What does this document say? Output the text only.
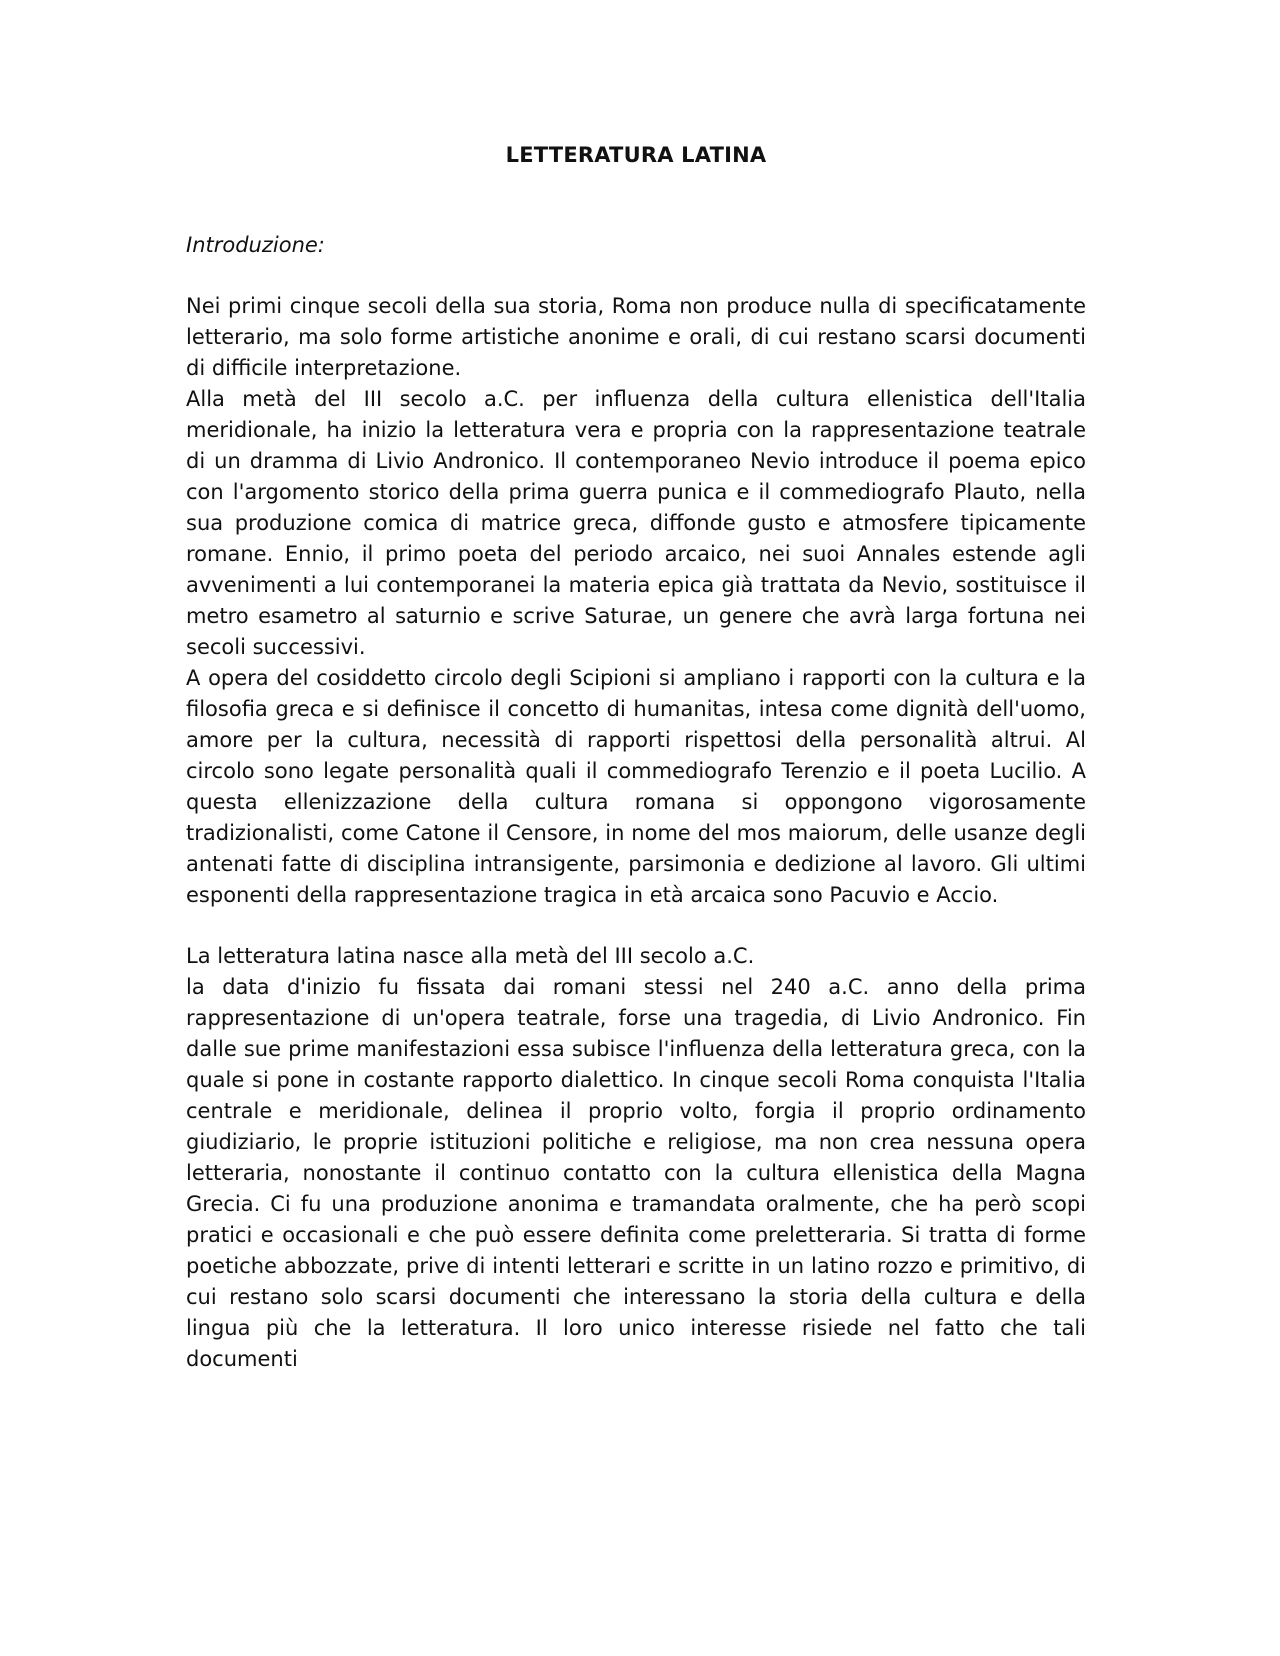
LETTERATURA LATINA

Introduzione:

Nei primi cinque secoli della sua storia, Roma non produce nulla di specificatamente letterario, ma solo forme artistiche anonime e orali, di cui restano scarsi documenti di difficile interpretazione.

Alla metà del III secolo a.C. per influenza della cultura ellenistica dell'Italia meridionale, ha inizio la letteratura vera e propria con la rappresentazione teatrale di un dramma di Livio Andronico. Il contemporaneo Nevio introduce il poema epico con l'argomento storico della prima guerra punica e il commediografo Plauto, nella sua produzione comica di matrice greca, diffonde gusto e atmosfere tipicamente romane. Ennio, il primo poeta del periodo arcaico, nei suoi Annales estende agli avvenimenti a lui contemporanei la materia epica già trattata da Nevio, sostituisce il metro esametro al saturnio e scrive Saturae, un genere che avrà larga fortuna nei secoli successivi.

A opera del cosiddetto circolo degli Scipioni si ampliano i rapporti con la cultura e la filosofia greca e si definisce il concetto di humanitas, intesa come dignità dell'uomo, amore per la cultura, necessità di rapporti rispettosi della personalità altrui. Al circolo sono legate personalità quali il commediografo Terenzio e il poeta Lucilio. A questa ellenizzazione della cultura romana si oppongono vigorosamente tradizionalisti, come Catone il Censore, in nome del mos maiorum, delle usanze degli antenati fatte di disciplina intransigente, parsimonia e dedizione al lavoro. Gli ultimi esponenti della rappresentazione tragica in età arcaica sono Pacuvio e Accio.

La letteratura latina nasce alla metà del III secolo a.C.

la data d'inizio fu fissata dai romani stessi nel 240 a.C. anno della prima rappresentazione di un'opera teatrale, forse una tragedia, di Livio Andronico. Fin dalle sue prime manifestazioni essa subisce l'influenza della letteratura greca, con la quale si pone in costante rapporto dialettico. In cinque secoli Roma conquista l'Italia centrale e meridionale, delinea il proprio volto, forgia il proprio ordinamento giudiziario, le proprie istituzioni politiche e religiose, ma non crea nessuna opera letteraria, nonostante il continuo contatto con la cultura ellenistica della Magna Grecia. Ci fu una produzione anonima e tramandata oralmente, che ha però scopi pratici e occasionali e che può essere definita come preletteraria. Si tratta di forme poetiche abbozzate, prive di intenti letterari e scritte in un latino rozzo e primitivo, di cui restano solo scarsi documenti che interessano la storia della cultura e della lingua più che la letteratura. Il loro unico interesse risiede nel fatto che tali documenti
